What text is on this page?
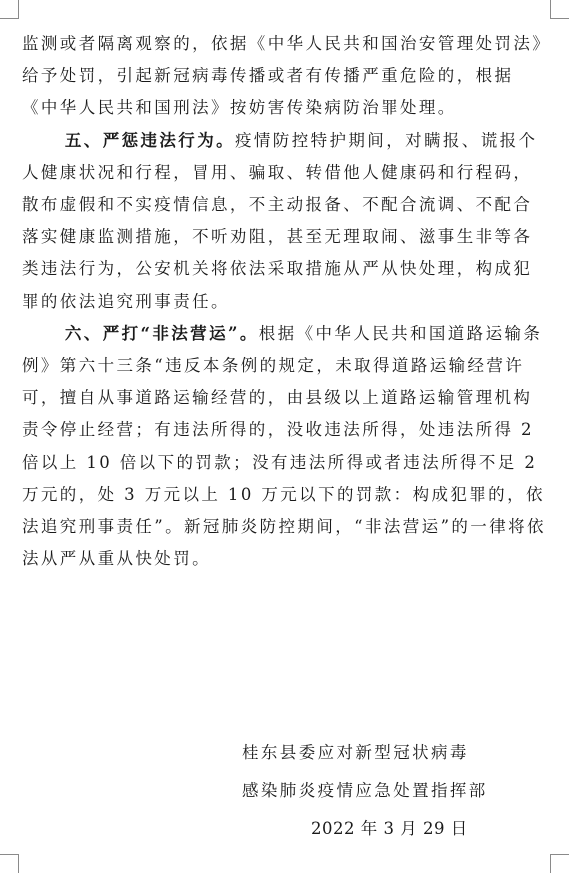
监测或者隔离观察的，依据《中华人民共和国治安管理处罚法》给予处罚，引起新冠病毒传播或者有传播严重危险的，根据《中华人民共和国刑法》按妨害传染病防治罪处理。

五、严惩违法行为。疫情防控特护期间，对瞒报、谎报个人健康状况和行程，冒用、骗取、转借他人健康码和行程码，散布虚假和不实疫情信息，不主动报备、不配合流调、不配合落实健康监测措施，不听劝阻，甚至无理取闹、滋事生非等各类违法行为，公安机关将依法采取措施从严从快处理，构成犯罪的依法追究刑事责任。

六、严打“非法营运”。根据《中华人民共和国道路运输条例》第六十三条“违反本条例的规定，未取得道路运输经营许可，擅自从事道路运输经营的，由县级以上道路运输管理机构责令停止经营；有违法所得的，没收违法所得，处违法所得 2 倍以上 10 倍以下的罚款；没有违法所得或者违法所得不足 2 万元的，处 3 万元以上 10 万元以下的罚款：构成犯罪的，依法追究刑事责任”。新冠肺炎防控期间，“非法营运”的一律将依法从严从重从快处罚。

桂东县委应对新型冠状病毒
感染肺炎疫情应急处置指挥部
2022 年 3 月 29 日
